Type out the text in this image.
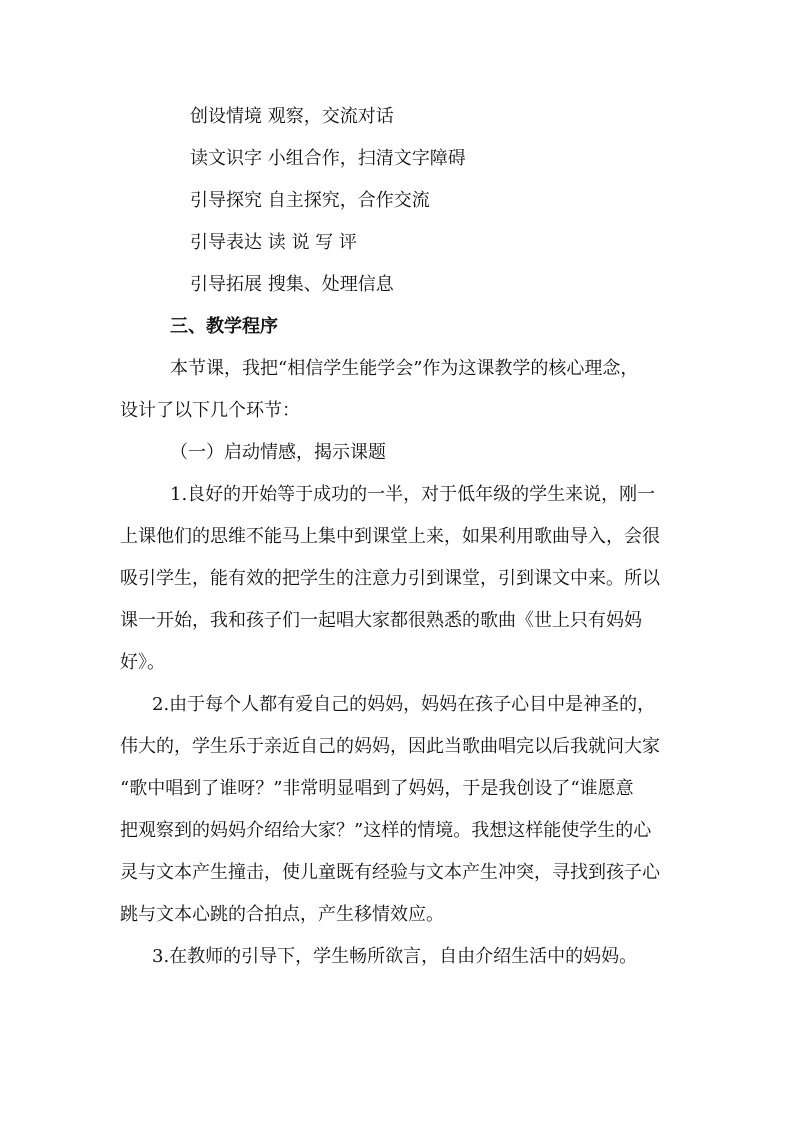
创设情境 观察，交流对话
读文识字 小组合作，扫清文字障碍
引导探究 自主探究，合作交流
引导表达 读 说 写 评
引导拓展 搜集、处理信息
三、教学程序
本节课，我把“相信学生能学会”作为这课教学的核心理念，
设计了以下几个环节：
（一）启动情感，揭示课题
1.良好的开始等于成功的一半，对于低年级的学生来说，刚一
上课他们的思维不能马上集中到课堂上来，如果利用歌曲导入，会很
吸引学生，能有效的把学生的注意力引到课堂，引到课文中来。所以
课一开始，我和孩子们一起唱大家都很熟悉的歌曲《世上只有妈妈
好》。
2.由于每个人都有爱自己的妈妈，妈妈在孩子心目中是神圣的，
伟大的，学生乐于亲近自己的妈妈，因此当歌曲唱完以后我就问大家
“歌中唱到了谁呀？”非常明显唱到了妈妈，于是我创设了“谁愿意
把观察到的妈妈介绍给大家？”这样的情境。我想这样能使学生的心
灵与文本产生撞击，使儿童既有经验与文本产生冲突，寻找到孩子心
跳与文本心跳的合拍点，产生移情效应。
3.在教师的引导下，学生畅所欲言，自由介绍生活中的妈妈。
